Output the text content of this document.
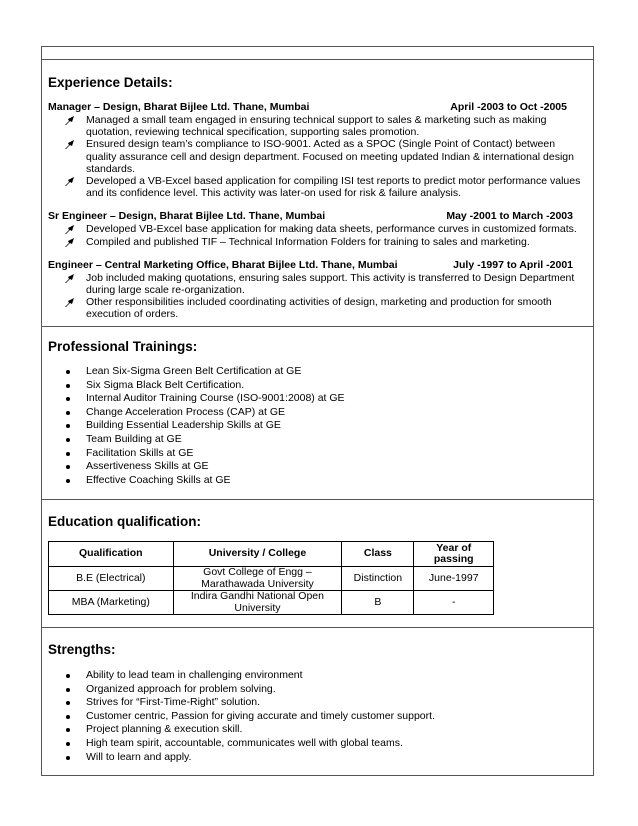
Experience Details:
Manager – Design, Bharat Bijlee Ltd. Thane, Mumbai	April -2003 to Oct -2005
Managed a small team engaged in ensuring technical support to sales & marketing such as making quotation, reviewing technical specification, supporting sales promotion.
Ensured design team’s compliance to ISO-9001. Acted as a SPOC (Single Point of Contact) between quality assurance cell and design department. Focused on meeting updated Indian & international design standards.
Developed a VB-Excel based application for compiling ISI test reports to predict motor performance values and its confidence level. This activity was later-on used for risk & failure analysis.
Sr Engineer – Design, Bharat Bijlee Ltd. Thane, Mumbai	May -2001 to March -2003
Developed VB-Excel base application for making data sheets, performance curves in customized formats.
Compiled and published TIF – Technical Information Folders for training to sales and marketing.
Engineer – Central Marketing Office, Bharat Bijlee Ltd. Thane, Mumbai	July -1997 to April -2001
Job included making quotations, ensuring sales support. This activity is transferred to Design Department during large scale re-organization.
Other responsibilities included coordinating activities of design, marketing and production for smooth execution of orders.
Professional Trainings:
Lean Six-Sigma Green Belt Certification at GE
Six Sigma Black Belt Certification.
Internal Auditor Training Course (ISO-9001:2008) at GE
Change Acceleration Process (CAP) at GE
Building Essential Leadership Skills at GE
Team Building at GE
Facilitation Skills at GE
Assertiveness Skills at GE
Effective Coaching Skills at GE
Education qualification:
Qualification	University / College	Class	Year of passing
B.E (Electrical)	Govt College of Engg – Marathawada University	Distinction	June-1997
MBA (Marketing)	Indira Gandhi National Open University	B	-
Strengths:
Ability to lead team in challenging environment
Organized approach for problem solving.
Strives for “First-Time-Right” solution.
Customer centric, Passion for giving accurate and timely customer support.
Project planning & execution skill.
High team spirit, accountable, communicates well with global teams.
Will to learn and apply.
